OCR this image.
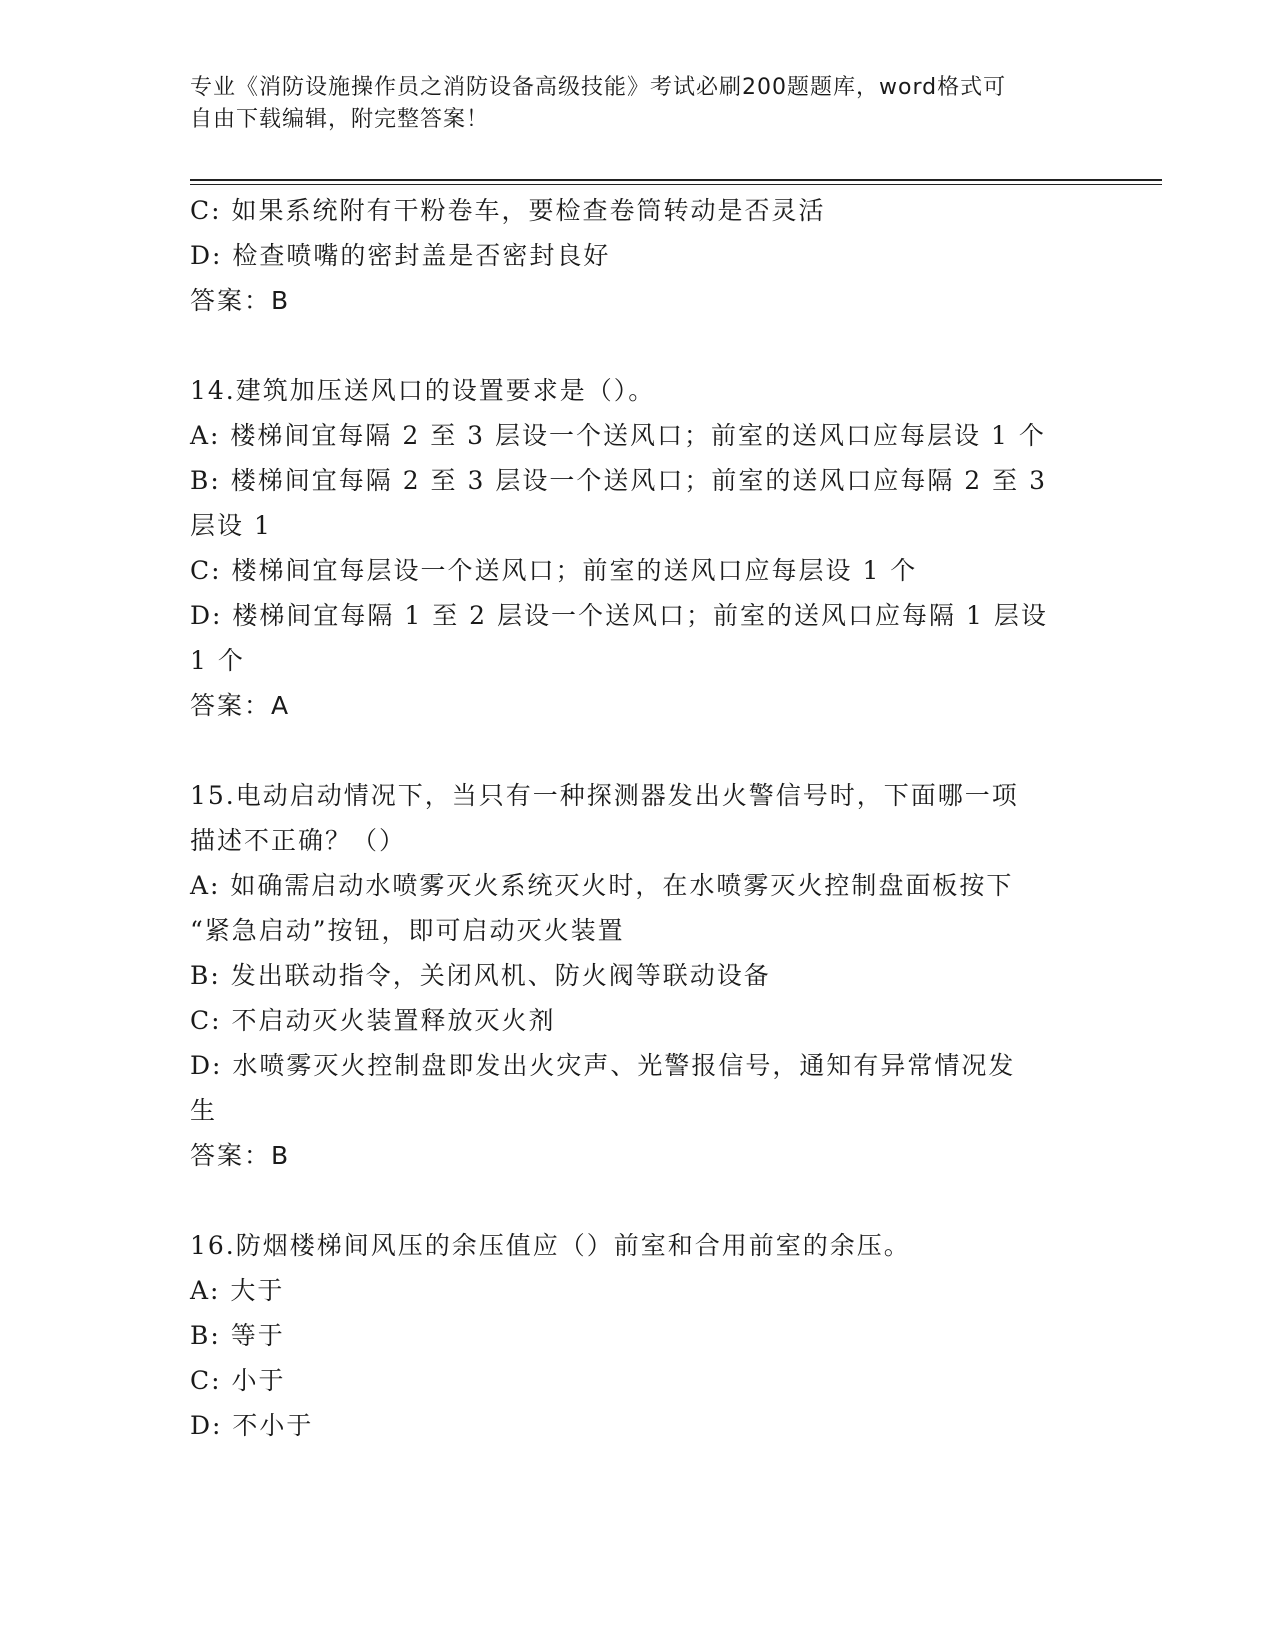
专业《消防设施操作员之消防设备高级技能》考试必刷200题题库，word格式可
自由下载编辑，附完整答案！
C: 如果系统附有干粉卷车，要检查卷筒转动是否灵活
D: 检查喷嘴的密封盖是否密封良好
答案：B
14.建筑加压送风口的设置要求是（）。
A: 楼梯间宜每隔 2 至 3 层设一个送风口；前室的送风口应每层设 1 个
B: 楼梯间宜每隔 2 至 3 层设一个送风口；前室的送风口应每隔 2 至 3
层设 1
C: 楼梯间宜每层设一个送风口；前室的送风口应每层设 1 个
D: 楼梯间宜每隔 1 至 2 层设一个送风口；前室的送风口应每隔 1 层设
1 个
答案：A
15.电动启动情况下，当只有一种探测器发出火警信号时，下面哪一项
描述不正确？（）
A: 如确需启动水喷雾灭火系统灭火时，在水喷雾灭火控制盘面板按下
“紧急启动”按钮，即可启动灭火装置
B: 发出联动指令，关闭风机、防火阀等联动设备
C: 不启动灭火装置释放灭火剂
D: 水喷雾灭火控制盘即发出火灾声、光警报信号，通知有异常情况发
生
答案：B
16.防烟楼梯间风压的余压值应（）前室和合用前室的余压。
A: 大于
B: 等于
C: 小于
D: 不小于
